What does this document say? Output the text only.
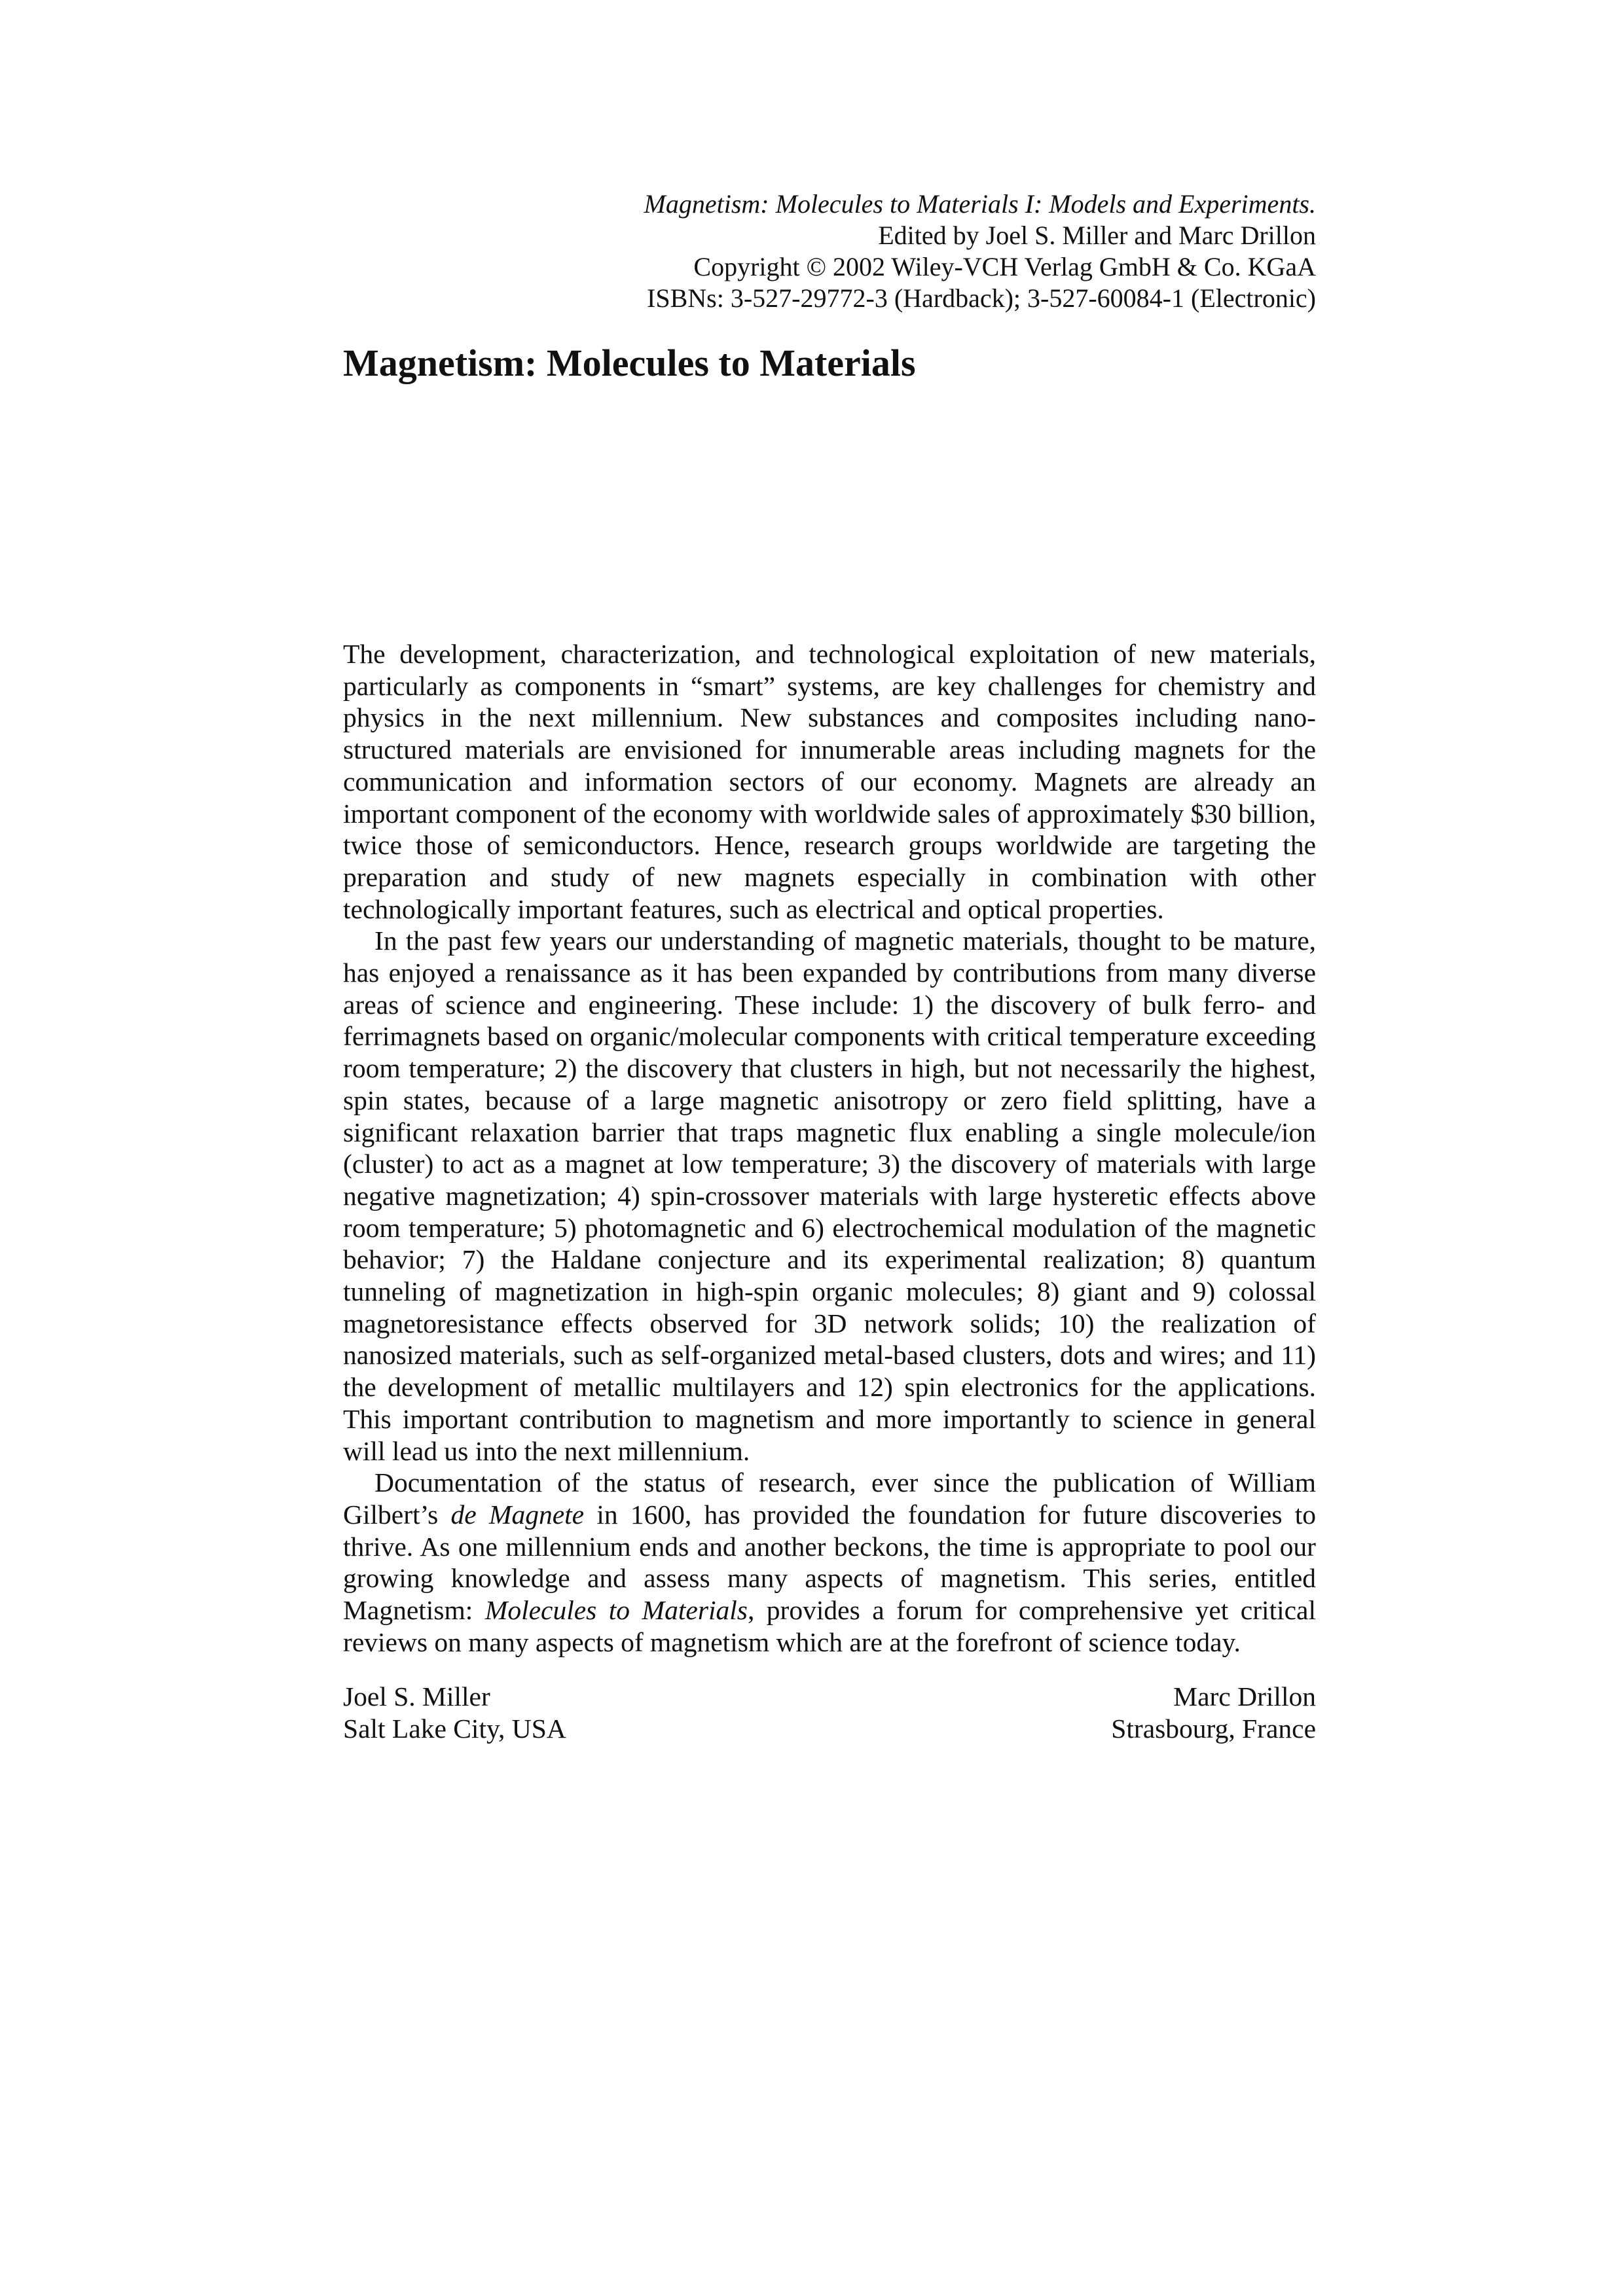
Magnetism: Molecules to Materials I: Models and Experiments.
Edited by Joel S. Miller and Marc Drillon
Copyright © 2002 Wiley-VCH Verlag GmbH & Co. KGaA
ISBNs: 3-527-29772-3 (Hardback); 3-527-60084-1 (Electronic)
Magnetism: Molecules to Materials

The development, characterization, and technological exploitation of new materials, particularly as components in “smart” systems, are key challenges for chemistry and physics in the next millennium. New substances and composites including nano-structured materials are envisioned for innumerable areas including magnets for the communication and information sectors of our economy. Magnets are already an important component of the economy with worldwide sales of approximately $30 billion, twice those of semiconductors. Hence, research groups worldwide are targeting the preparation and study of new magnets especially in combination with other technologically important features, such as electrical and optical properties.

In the past few years our understanding of magnetic materials, thought to be mature, has enjoyed a renaissance as it has been expanded by contributions from many diverse areas of science and engineering. These include: 1) the discovery of bulk ferro- and ferrimagnets based on organic/molecular components with critical temperature exceeding room temperature; 2) the discovery that clusters in high, but not necessarily the highest, spin states, because of a large magnetic anisotropy or zero field splitting, have a significant relaxation barrier that traps magnetic flux enabling a single molecule/ion (cluster) to act as a magnet at low temperature; 3) the discovery of materials with large negative magnetization; 4) spin-crossover materials with large hysteretic effects above room temperature; 5) photomagnetic and 6) electrochemical modulation of the magnetic behavior; 7) the Haldane conjecture and its experimental realization; 8) quantum tunneling of magnetization in high-spin organic molecules; 8) giant and 9) colossal magnetoresistance effects observed for 3D network solids; 10) the realization of nanosized materials, such as self-organized metal-based clusters, dots and wires; and 11) the development of metallic multilayers and 12) spin electronics for the applications. This important contribution to magnetism and more importantly to science in general will lead us into the next millennium.

Documentation of the status of research, ever since the publication of William Gilbert’s de Magnete in 1600, has provided the foundation for future discoveries to thrive. As one millennium ends and another beckons, the time is appropriate to pool our growing knowledge and assess many aspects of magnetism. This series, entitled Magnetism: Molecules to Materials, provides a forum for comprehensive yet critical reviews on many aspects of magnetism which are at the forefront of science today.

Joel S. Miller
Salt Lake City, USA
Marc Drillon
Strasbourg, France
